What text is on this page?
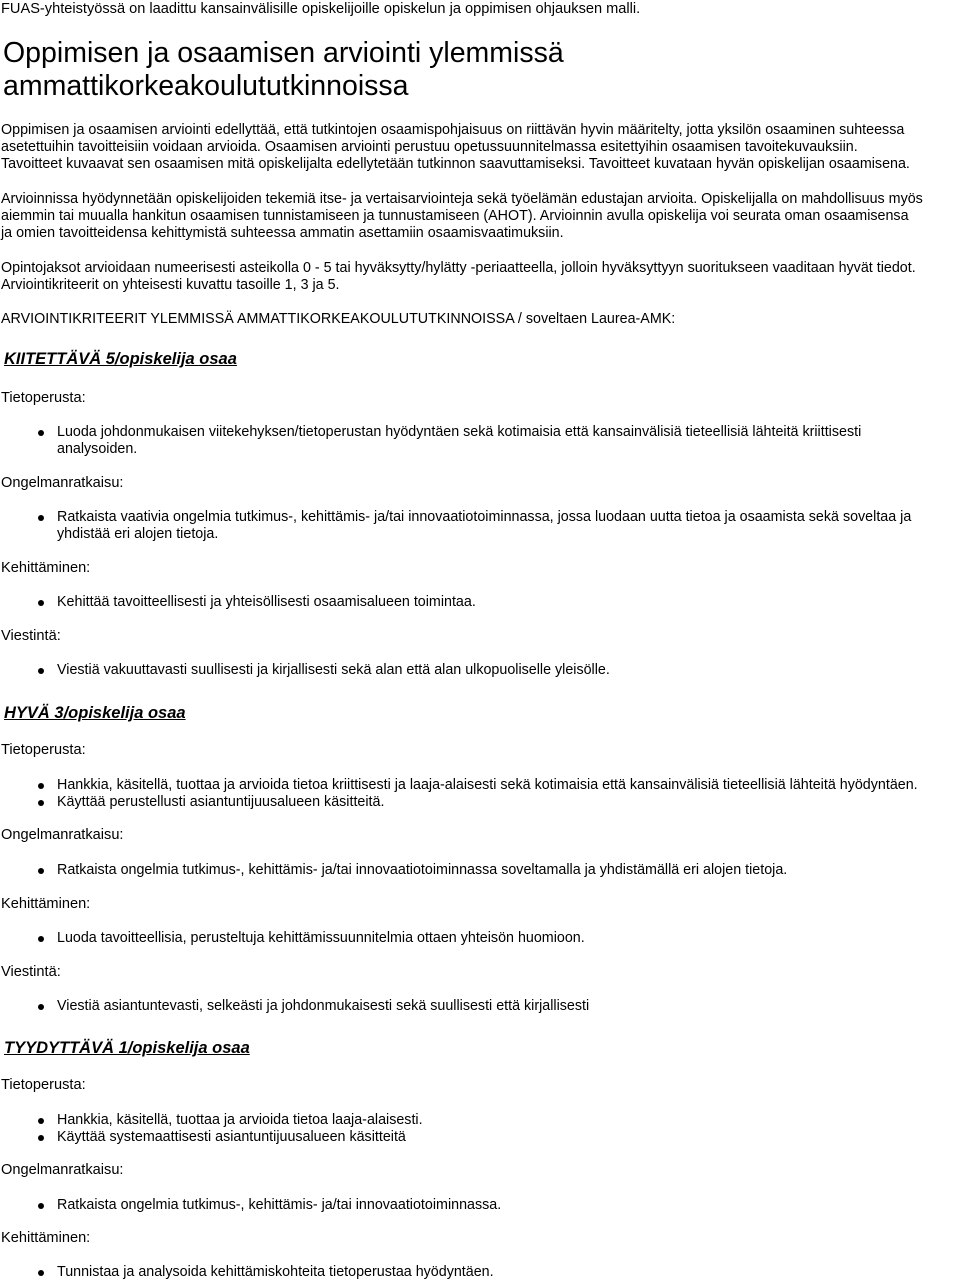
FUAS-yhteistyössä on laadittu kansainvälisille opiskelijoille opiskelun ja oppimisen ohjauksen malli.
Oppimisen ja osaamisen arviointi ylemmissä
ammattikorkeakoulututkinnoissa
Oppimisen ja osaamisen arviointi edellyttää, että tutkintojen osaamispohjaisuus on riittävän hyvin määritelty, jotta yksilön osaaminen suhteessa
asetettuihin tavoitteisiin voidaan arvioida. Osaamisen arviointi perustuu opetussuunnitelmassa esitettyihin osaamisen tavoitekuvauksiin.
Tavoitteet kuvaavat sen osaamisen mitä opiskelijalta edellytetään tutkinnon saavuttamiseksi. Tavoitteet kuvataan hyvän opiskelijan osaamisena.
Arvioinnissa hyödynnetään opiskelijoiden tekemiä itse- ja vertaisarviointeja sekä työelämän edustajan arvioita. Opiskelijalla on mahdollisuus myös
aiemmin tai muualla hankitun osaamisen tunnistamiseen ja tunnustamiseen (AHOT). Arvioinnin avulla opiskelija voi seurata oman osaamisensa
ja omien tavoitteidensa kehittymistä suhteessa ammatin asettamiin osaamisvaatimuksiin.
Opintojaksot arvioidaan numeerisesti asteikolla 0 - 5 tai hyväksytty/hylätty -periaatteella, jolloin hyväksyttyyn suoritukseen vaaditaan hyvät tiedot.
Arviointikriteerit on yhteisesti kuvattu tasoille 1, 3 ja 5.
ARVIOINTIKRITEERIT YLEMMISSÄ AMMATTIKORKEAKOULUTUTKINNOISSA / soveltaen Laurea-AMK:
KIITETTÄVÄ 5/opiskelija osaa
Tietoperusta:
Luoda johdonmukaisen viitekehyksen/tietoperustan hyödyntäen sekä kotimaisia että kansainvälisiä tieteellisiä lähteitä kriittisesti
analysoiden.
Ongelmanratkaisu:
Ratkaista vaativia ongelmia tutkimus-, kehittämis- ja/tai innovaatiotoiminnassa, jossa luodaan uutta tietoa ja osaamista sekä soveltaa ja
yhdistää eri alojen tietoja.
Kehittäminen:
Kehittää tavoitteellisesti ja yhteisöllisesti osaamisalueen toimintaa.
Viestintä:
Viestiä vakuuttavasti suullisesti ja kirjallisesti sekä alan että alan ulkopuoliselle yleisölle.
HYVÄ 3/opiskelija osaa
Tietoperusta:
Hankkia, käsitellä, tuottaa ja arvioida tietoa kriittisesti ja laaja-alaisesti sekä kotimaisia että kansainvälisiä tieteellisiä lähteitä hyödyntäen.
Käyttää perustellusti asiantuntijuusalueen käsitteitä.
Ongelmanratkaisu:
Ratkaista ongelmia tutkimus-, kehittämis- ja/tai innovaatiotoiminnassa soveltamalla ja yhdistämällä eri alojen tietoja.
Kehittäminen:
Luoda tavoitteellisia, perusteltuja kehittämissuunnitelmia ottaen yhteisön huomioon.
Viestintä:
Viestiä asiantuntevasti, selkeästi ja johdonmukaisesti sekä suullisesti että kirjallisesti
TYYDYTTÄVÄ 1/opiskelija osaa
Tietoperusta:
Hankkia, käsitellä, tuottaa ja arvioida tietoa laaja-alaisesti.
Käyttää systemaattisesti asiantuntijuusalueen käsitteitä
Ongelmanratkaisu:
Ratkaista ongelmia tutkimus-, kehittämis- ja/tai innovaatiotoiminnassa.
Kehittäminen:
Tunnistaa ja analysoida kehittämiskohteita tietoperustaa hyödyntäen.
